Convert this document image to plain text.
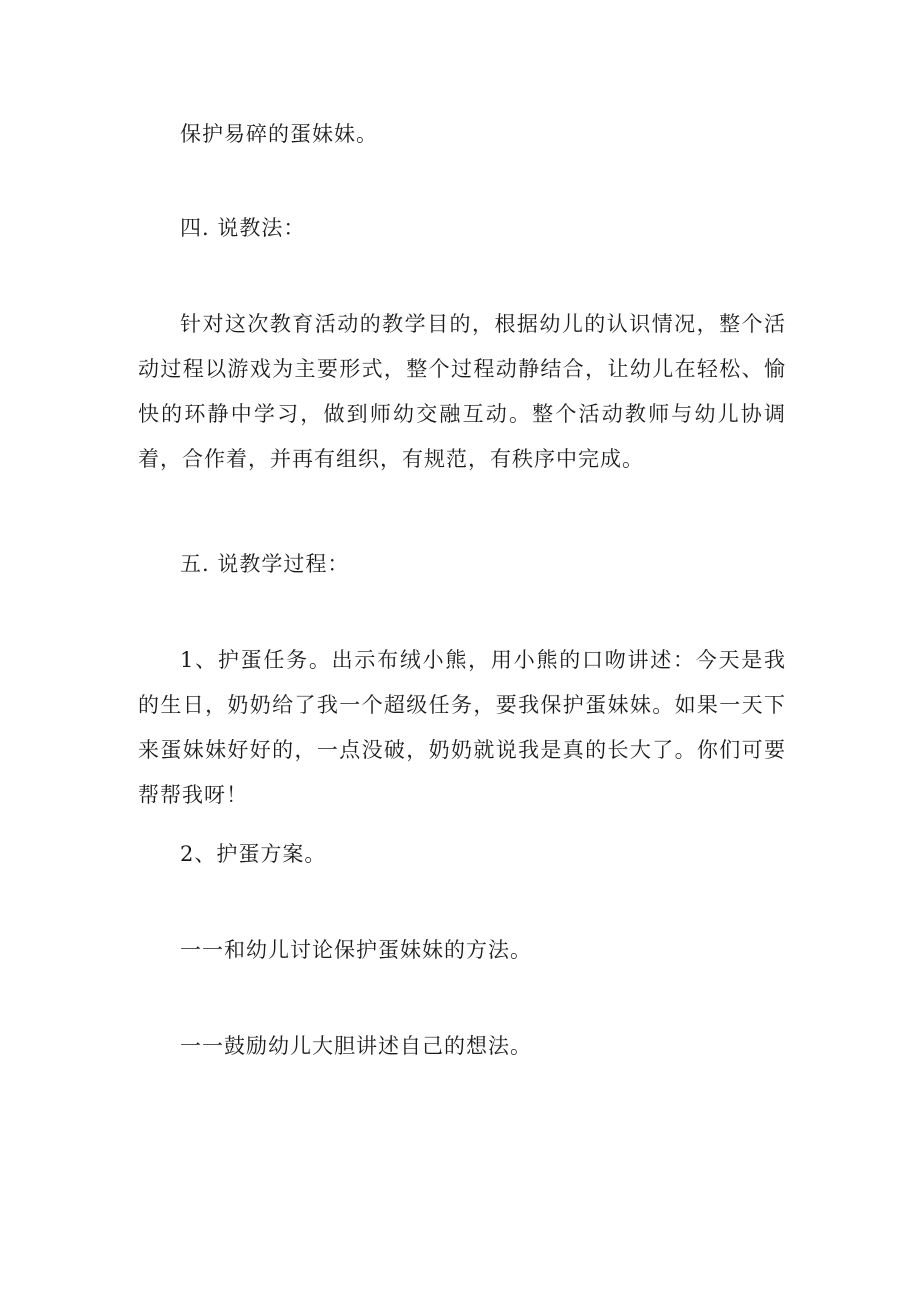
保护易碎的蛋妹妹。

四. 说教法：

针对这次教育活动的教学目的，根据幼儿的认识情况，整个活动过程以游戏为主要形式，整个过程动静结合，让幼儿在轻松、愉快的环静中学习，做到师幼交融互动。整个活动教师与幼儿协调着，合作着，并再有组织，有规范，有秩序中完成。

五. 说教学过程：

1、护蛋任务。出示布绒小熊，用小熊的口吻讲述：今天是我的生日，奶奶给了我一个超级任务，要我保护蛋妹妹。如果一天下来蛋妹妹好好的，一点没破，奶奶就说我是真的长大了。你们可要帮帮我呀！

2、护蛋方案。

一一和幼儿讨论保护蛋妹妹的方法。

一一鼓励幼儿大胆讲述自己的想法。
